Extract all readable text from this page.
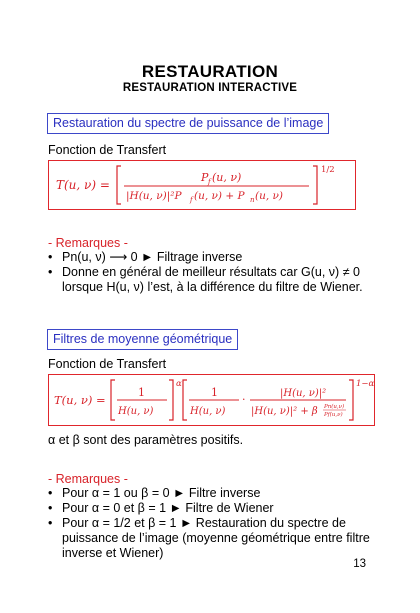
RESTAURATION
RESTAURATION INTERACTIVE
Restauration du spectre de puissance de l’image
Fonction de Transfert
T(u, ν) =
P f (u, ν)
|H(u, ν)|²P f (u, ν) + P n (u, ν)
1/2
- Remarques -
• Pn(u, ν) ⟶ 0 ► Filtrage inverse
• Donne en général de meilleur résultats car G(u, ν) ≠ 0 lorsque H(u, ν) l’est, à la différence du filtre de Wiener.
Filtres de moyenne géométrique
Fonction de Transfert
T(u, ν) =
1
H(u, ν)
α
1
H(u, ν)
·	|H(u, ν)|²
|H(u, ν)|² + β Pn(u,ν)
Pf(u,ν)
1−α
α et β sont des paramètres positifs.
- Remarques -
• Pour α = 1 ou β = 0 ► Filtre inverse
• Pour α = 0 et β = 1 ► Filtre de Wiener
• Pour α = 1/2 et β = 1 ► Restauration du spectre de puissance de l’image (moyenne géométrique entre filtre inverse et Wiener)
13
